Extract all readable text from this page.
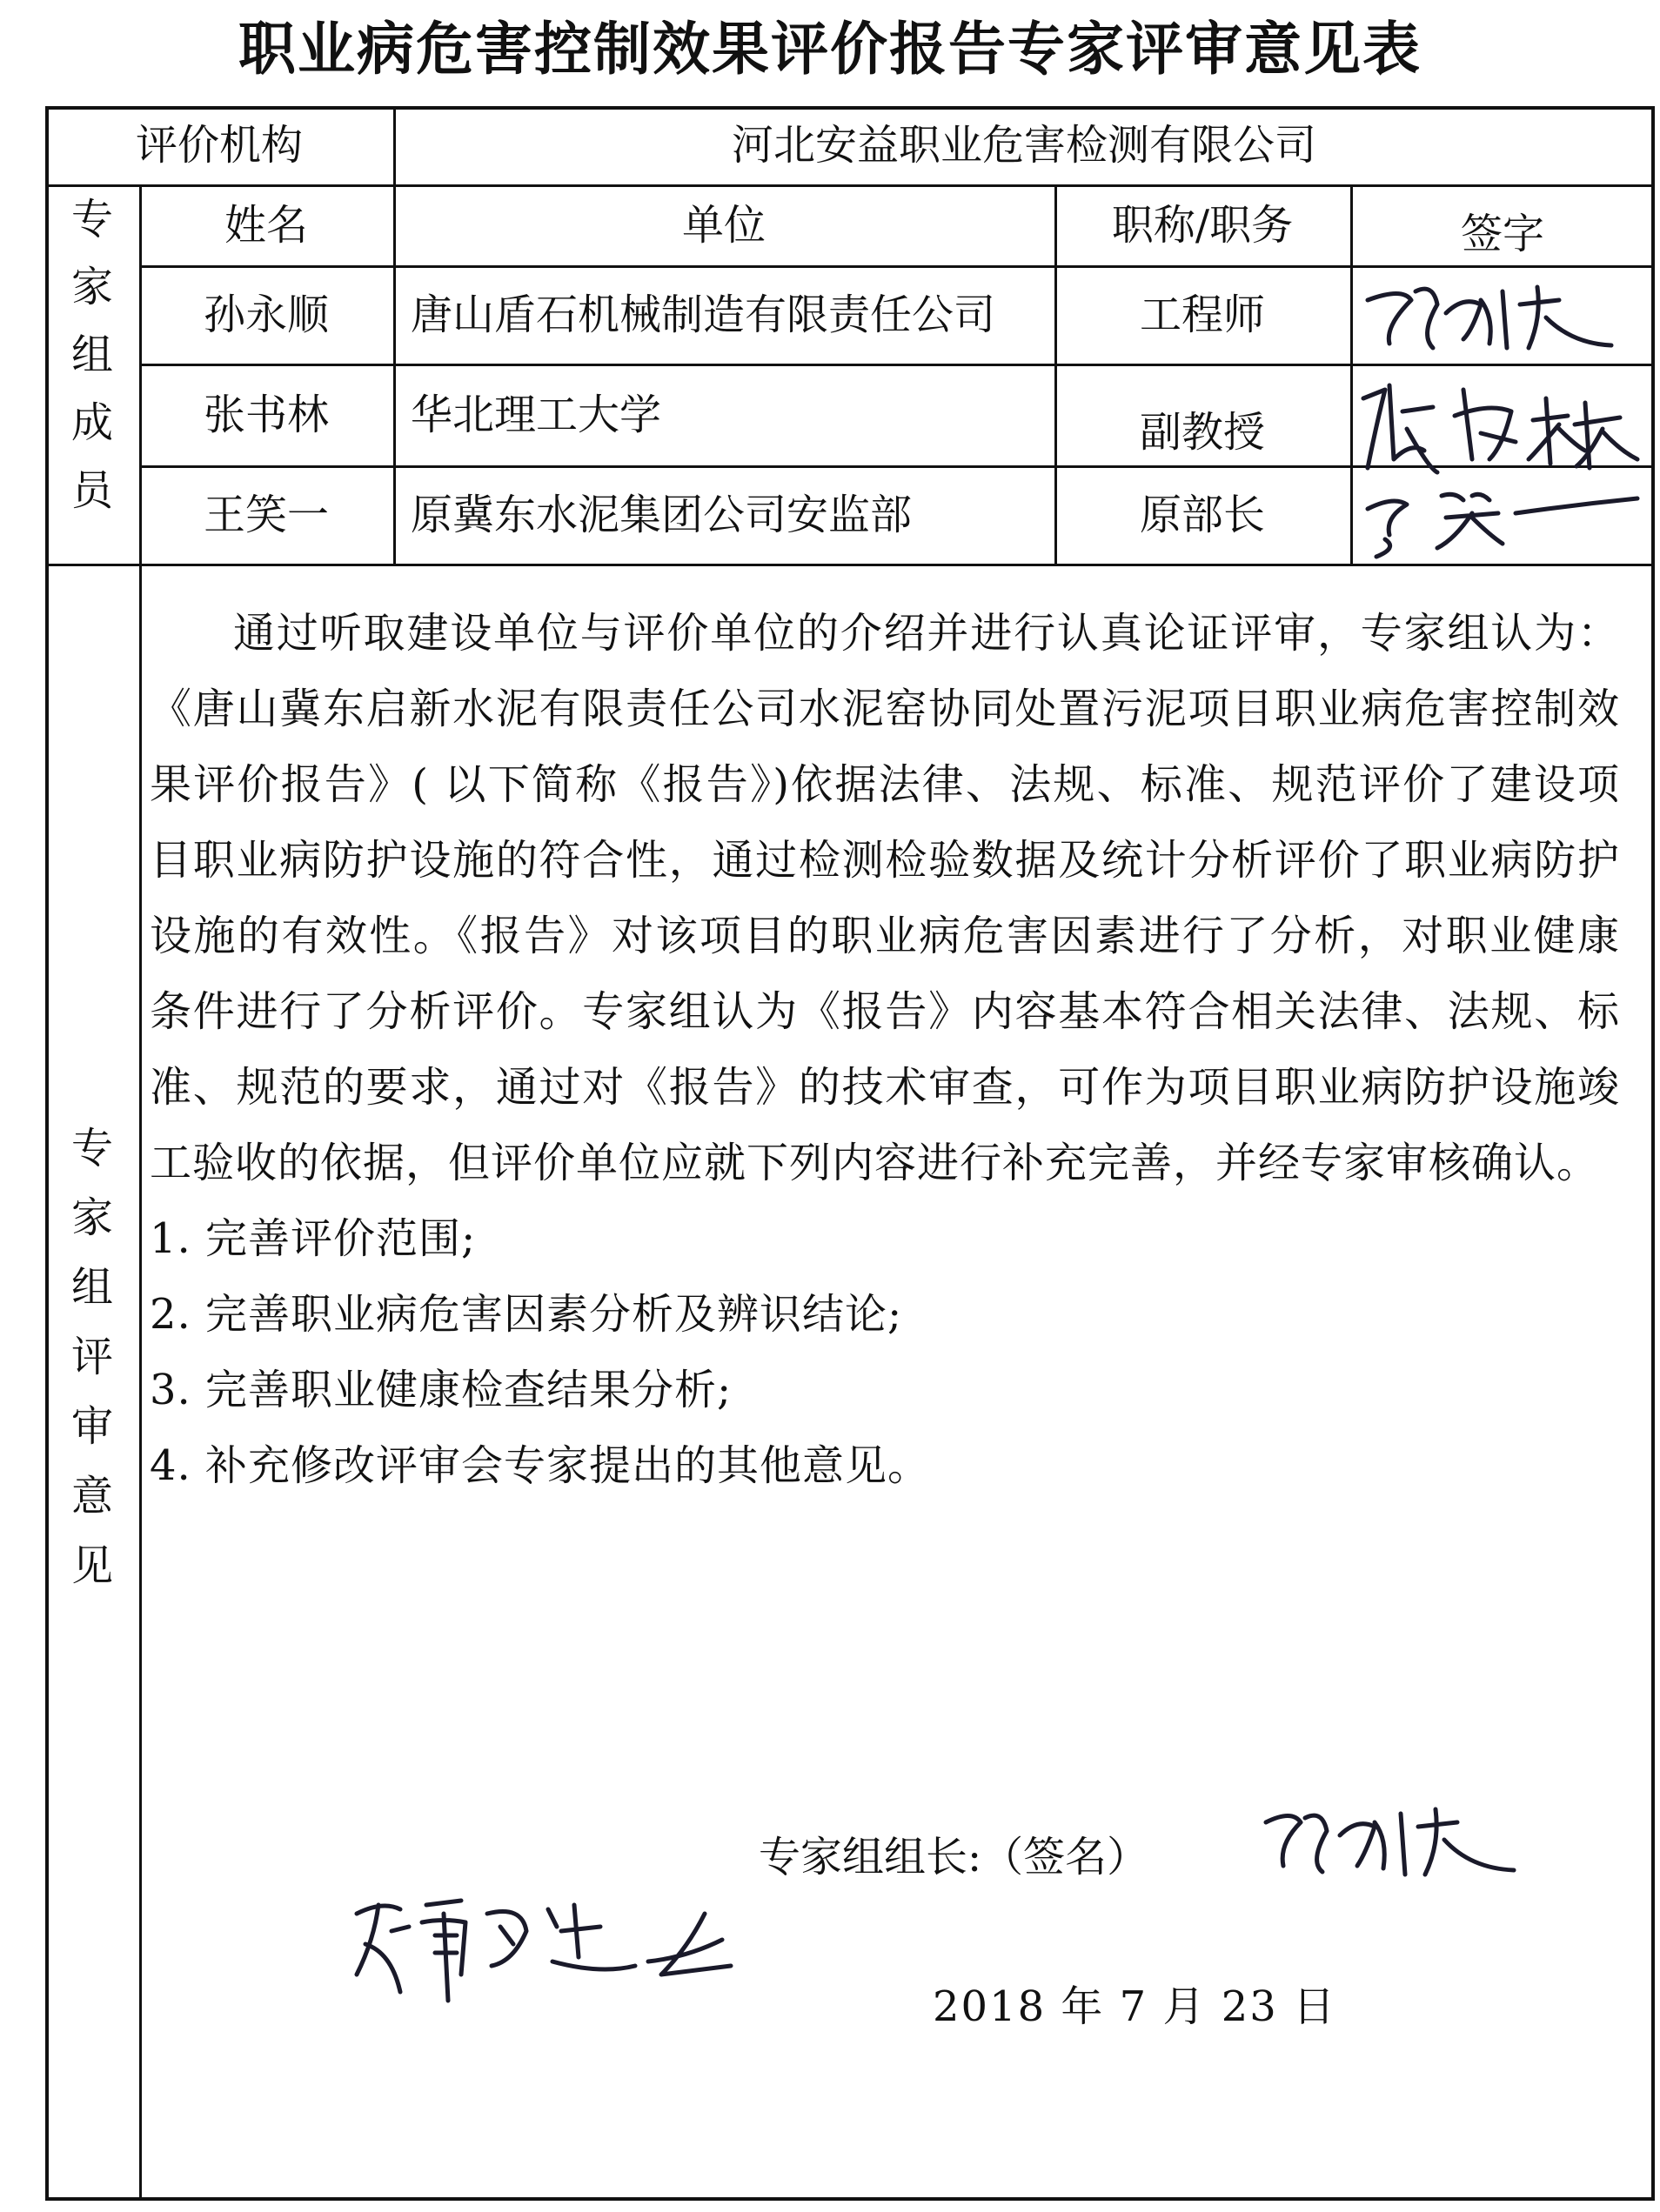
职业病危害控制效果评价报告专家评审意见表
评价机构	河北安益职业危害检测有限公司
专
家
组
成
员
姓名	单位	职称/职务	签字
孙永顺	唐山盾石机械制造有限责任公司	工程师
张书林	华北理工大学	副教授
王笑一	原冀东水泥集团公司安监部	原部长
专
家
组
评
审
意
见

通过听取建设单位与评价单位的介绍并进行认真论证评审，专家组认为：《唐山冀东启新水泥有限责任公司水泥窑协同处置污泥项目职业病危害控制效果评价报告》( 以下简称《报告》)依据法律、法规、标准、规范评价了建设项目职业病防护设施的符合性，通过检测检验数据及统计分析评价了职业病防护设施的有效性。《报告》对该项目的职业病危害因素进行了分析，对职业健康条件进行了分析评价。专家组认为《报告》内容基本符合相关法律、法规、标准、规范的要求，通过对《报告》的技术审查，可作为项目职业病防护设施竣工验收的依据，但评价单位应就下列内容进行补充完善，并经专家审核确认。

1. 完善评价范围;

2. 完善职业病危害因素分析及辨识结论;

3. 完善职业健康检查结果分析;

4. 补充修改评审会专家提出的其他意见。

专家组组长:（签名）
2018 年 7 月 23 日
